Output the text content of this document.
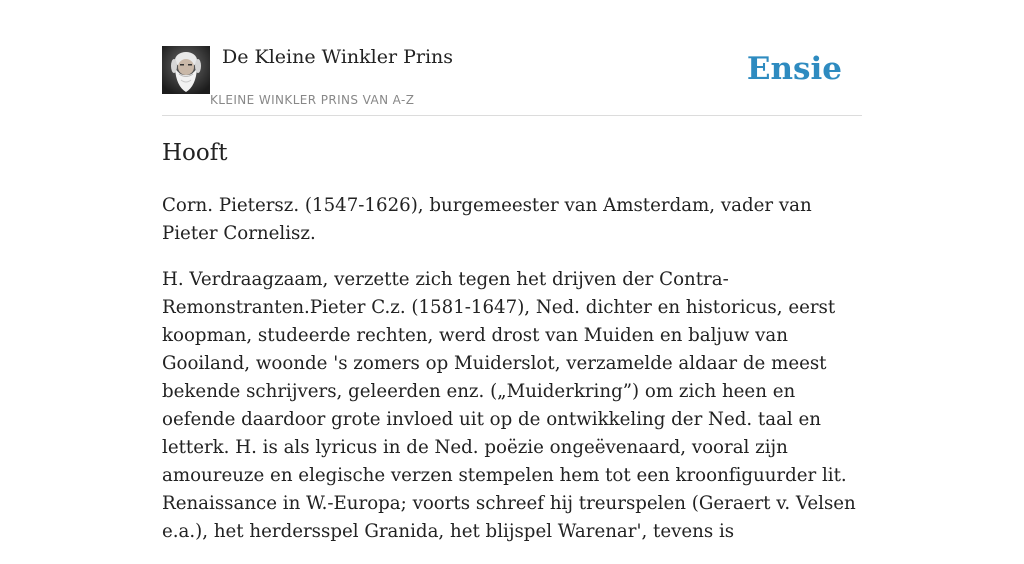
De Kleine Winkler Prins
KLEINE WINKLER PRINS VAN A-Z
Ensie
Hooft

Corn. Pietersz. (1547-1626), burgemeester van Amsterdam, vader van Pieter Cornelisz.

H. Verdraagzaam, verzette zich tegen het drijven der Contra-Remonstranten.Pieter C.z. (1581-1647), Ned. dichter en historicus, eerst koopman, studeerde rechten, werd drost van Muiden en baljuw van Gooiland, woonde 's zomers op Muiderslot, verzamelde aldaar de meest bekende schrijvers, geleerden enz. („Muiderkring”) om zich heen en oefende daardoor grote invloed uit op de ontwikkeling der Ned. taal en letterk. H. is als lyricus in de Ned. poëzie ongeëvenaard, vooral zijn amoureuze en elegische verzen stempelen hem tot een kroonfi̇guurder lit. Renaissance in W.-Europa; voorts schreef hij treurspelen (Geraert v. Velsen e.a.), het herdersspel Granida, het blijspel Warenar', tevens is
